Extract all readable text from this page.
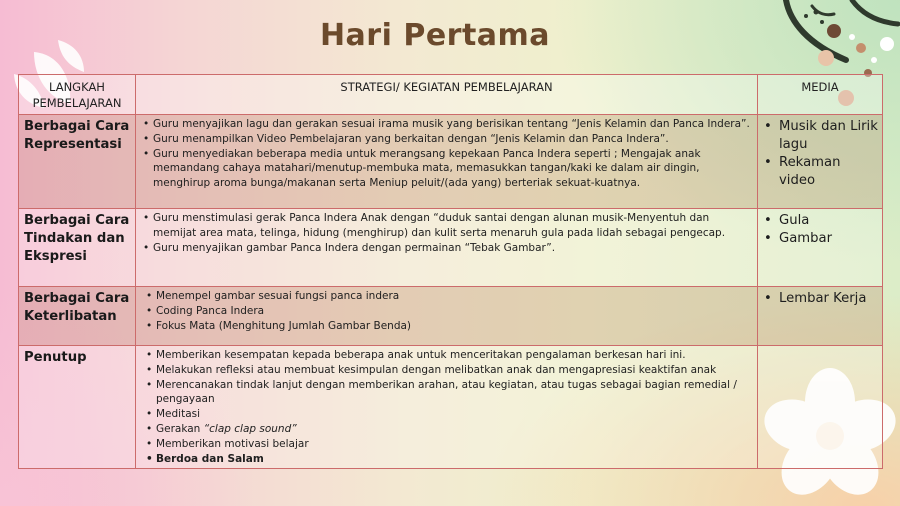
Hari Pertama
LANGKAH PEMBELAJARAN
STRATEGI/ KEGIATAN PEMBELAJARAN	MEDIA
Berbagai Cara Representasi
• Guru menyajikan lagu dan gerakan sesuai irama musik yang berisikan tentang “Jenis Kelamin dan Panca Indera”.
• Guru menampilkan Video Pembelajaran yang berkaitan dengan “Jenis Kelamin dan Panca Indera”.
• Guru menyediakan beberapa media untuk merangsang kepekaan Panca Indera seperti ; Mengajak anak memandang cahaya matahari/menutup-membuka mata, memasukkan tangan/kaki ke dalam air dingin, menghirup aroma bunga/makanan serta Meniup peluit/(ada yang) berteriak sekuat-kuatnya.
• Musik dan Lirik lagu
• Rekaman video
Berbagai Cara Tindakan dan Ekspresi
• Guru menstimulasi gerak Panca Indera Anak dengan “duduk santai dengan alunan musik-Menyentuh dan memijat area mata, telinga, hidung (menghirup) dan kulit serta menaruh gula pada lidah sebagai pengecap.
• Guru menyajikan gambar Panca Indera dengan permainan “Tebak Gambar”.
• Gula
• Gambar
Berbagai Cara Keterlibatan
• Menempel gambar sesuai fungsi panca indera
• Coding Panca Indera
• Fokus Mata (Menghitung Jumlah Gambar Benda)
• Lembar Kerja
Penutup
•	Memberikan kesempatan kepada beberapa anak untuk menceritakan pengalaman berkesan hari ini.
• Melakukan refleksi atau membuat kesimpulan dengan melibatkan anak dan mengapresiasi keaktifan anak
• Merencanakan tindak lanjut dengan memberikan arahan, atau kegiatan, atau tugas sebagai bagian remedial / pengayaan
• Meditasi
• Gerakan “clap clap sound”
• Memberikan motivasi belajar
• Berdoa dan Salam
